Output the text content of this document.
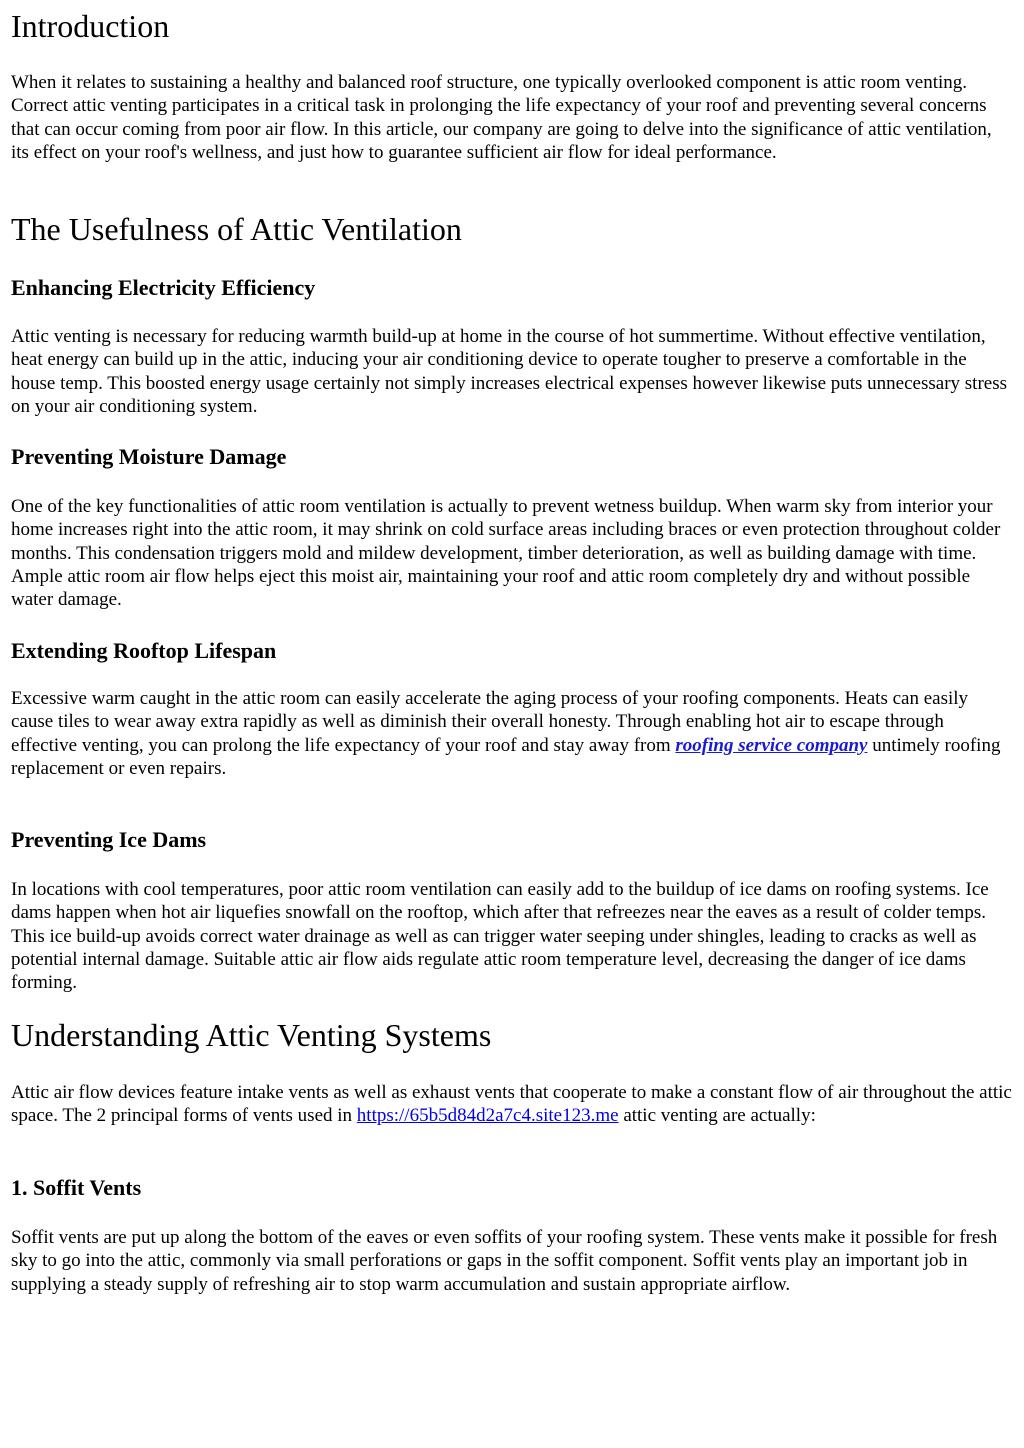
Introduction

When it relates to sustaining a healthy and balanced roof structure, one typically overlooked component is attic room venting. Correct attic venting participates in a critical task in prolonging the life expectancy of your roof and preventing several concerns that can occur coming from poor air flow. In this article, our company are going to delve into the significance of attic ventilation, its effect on your roof's wellness, and just how to guarantee sufficient air flow for ideal performance.

The Usefulness of Attic Ventilation
Enhancing Electricity Efficiency

Attic venting is necessary for reducing warmth build-up at home in the course of hot summertime. Without effective ventilation, heat energy can build up in the attic, inducing your air conditioning device to operate tougher to preserve a comfortable in the house temp. This boosted energy usage certainly not simply increases electrical expenses however likewise puts unnecessary stress on your air conditioning system.

Preventing Moisture Damage

One of the key functionalities of attic room ventilation is actually to prevent wetness buildup. When warm sky from interior your home increases right into the attic room, it may shrink on cold surface areas including braces or even protection throughout colder months. This condensation triggers mold and mildew development, timber deterioration, as well as building damage with time. Ample attic room air flow helps eject this moist air, maintaining your roof and attic room completely dry and without possible water damage.

Extending Rooftop Lifespan

Excessive warm caught in the attic room can easily accelerate the aging process of your roofing components. Heats can easily cause tiles to wear away extra rapidly as well as diminish their overall honesty. Through enabling hot air to escape through effective venting, you can prolong the life expectancy of your roof and stay away from roofing service company untimely roofing replacement or even repairs.

Preventing Ice Dams

In locations with cool temperatures, poor attic room ventilation can easily add to the buildup of ice dams on roofing systems. Ice dams happen when hot air liquefies snowfall on the rooftop, which after that refreezes near the eaves as a result of colder temps. This ice build-up avoids correct water drainage as well as can trigger water seeping under shingles, leading to cracks as well as potential internal damage. Suitable attic air flow aids regulate attic room temperature level, decreasing the danger of ice dams forming.

Understanding Attic Venting Systems

Attic air flow devices feature intake vents as well as exhaust vents that cooperate to make a constant flow of air throughout the attic space. The 2 principal forms of vents used in https://65b5d84d2a7c4.site123.me attic venting are actually:

1. Soffit Vents

Soffit vents are put up along the bottom of the eaves or even soffits of your roofing system. These vents make it possible for fresh sky to go into the attic, commonly via small perforations or gaps in the soffit component. Soffit vents play an important job in supplying a steady supply of refreshing air to stop warm accumulation and sustain appropriate airflow.
